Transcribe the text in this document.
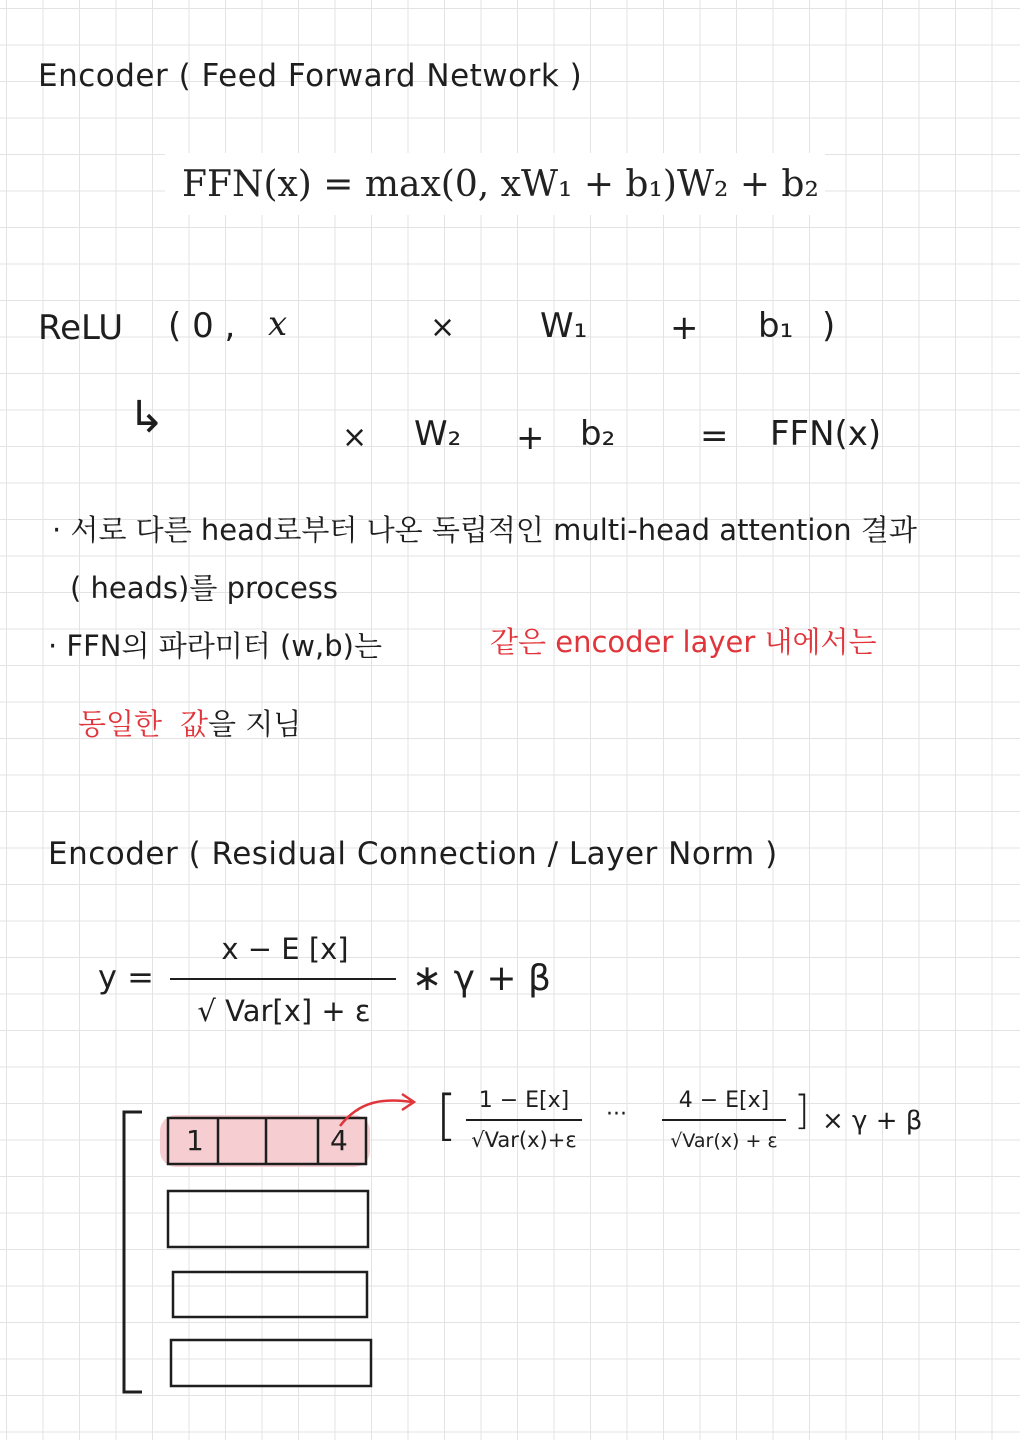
Encoder ( Feed Forward Network )
FFN(x) = max(0, xW₁ + b₁)W₂ + b₂
ReLU ( 0 , x	× W₁ + b₁ )
↳	× W₂ + b₂ = FFN(x)
· 서로 다른 head로부터 나온 독립적인 multi-head attention 결과
( heads)를 process
· FFN의 파라미터 (w,b)는	같은 encoder layer 내에서는
동일한 값 을 지님
Encoder ( Residual Connection / Layer Norm )
y =
x − E [x]
√ Var[x] + ε
∗ γ + β
1	4 [ 1 − E[x]
√Var(x)+ε
···
4 − E[x]
√Var(x) + ε
] × γ + β
